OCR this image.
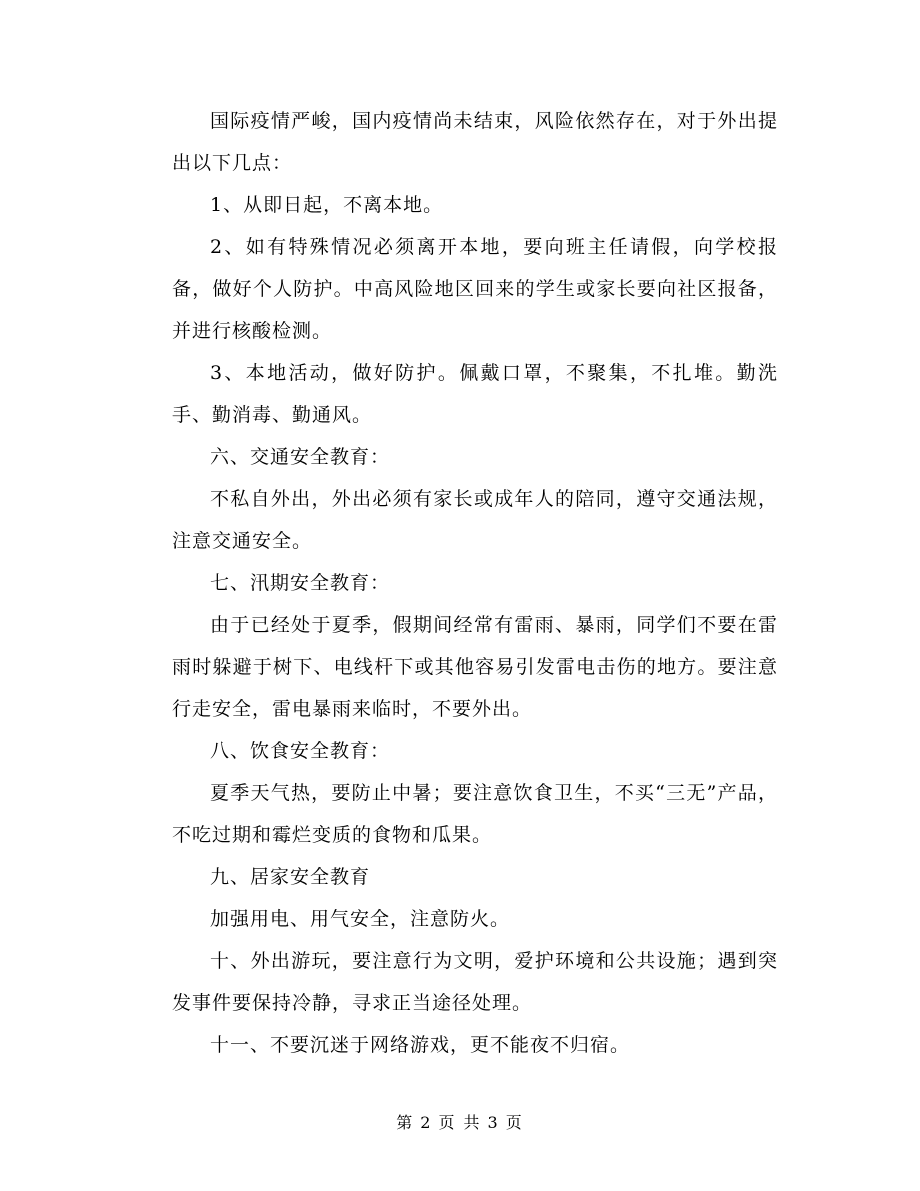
国际疫情严峻，国内疫情尚未结束，风险依然存在，对于外出提出以下几点：

1、从即日起，不离本地。

2、如有特殊情况必须离开本地，要向班主任请假，向学校报备，做好个人防护。中高风险地区回来的学生或家长要向社区报备，并进行核酸检测。

3、本地活动，做好防护。佩戴口罩，不聚集，不扎堆。勤洗手、勤消毒、勤通风。

六、交通安全教育：

不私自外出，外出必须有家长或成年人的陪同，遵守交通法规，注意交通安全。

七、汛期安全教育：

由于已经处于夏季，假期间经常有雷雨、暴雨，同学们不要在雷雨时躲避于树下、电线杆下或其他容易引发雷电击伤的地方。要注意行走安全，雷电暴雨来临时，不要外出。

八、饮食安全教育：

夏季天气热，要防止中暑；要注意饮食卫生，不买“三无”产品，不吃过期和霉烂变质的食物和瓜果。

九、居家安全教育

加强用电、用气安全，注意防火。

十、外出游玩，要注意行为文明，爱护环境和公共设施；遇到突发事件要保持冷静，寻求正当途径处理。

十一、不要沉迷于网络游戏，更不能夜不归宿。

第 2 页 共 3 页
